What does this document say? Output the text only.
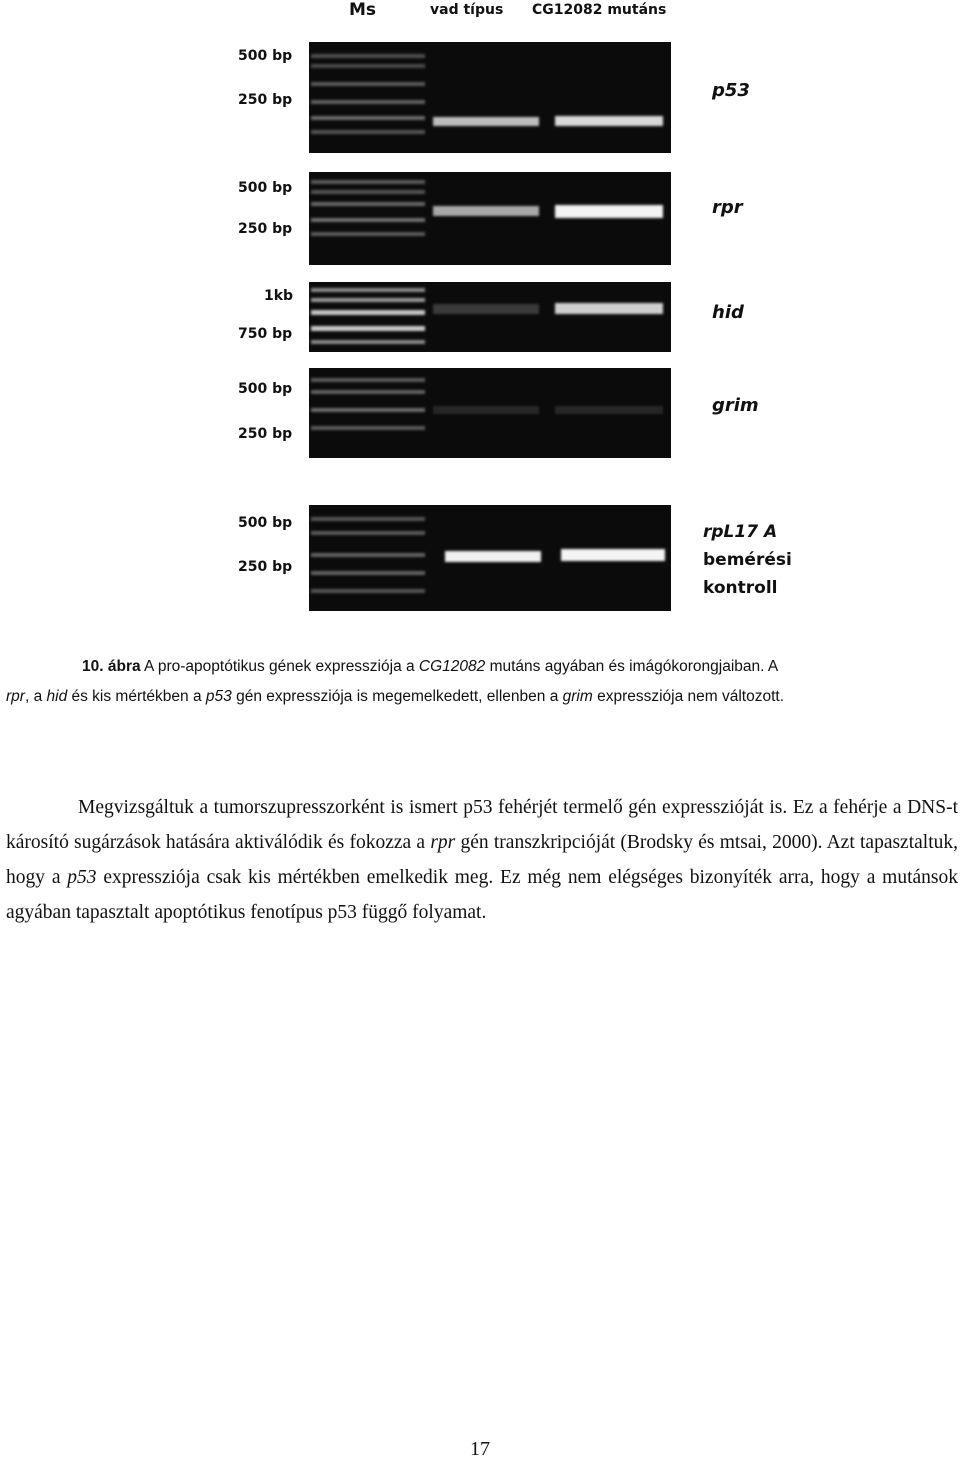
Ms	vad típus CG12082 mutáns
500 bp
250 bp	p53
500 bp
250 bp
rpr
1kb
750 bp
hid
500 bp
250 bp
grim
500 bp
250 bp
rpL17 A
bemérési
kontroll
10. ábra A pro-apoptótikus gének expressziója a CG12082 mutáns agyában és imágókorongjaiban. A
rpr, a hid és kis mértékben a p53 gén expressziója is megemelkedett, ellenben a grim expressziója nem változott.
Megvizsgáltuk a tumorszupresszorként is ismert p53 fehérjét termelő gén expresszióját is. Ez a fehérje a DNS-t károsító sugárzások hatására aktiválódik és fokozza a rpr gén transzkripcióját (Brodsky és mtsai, 2000). Azt tapasztaltuk, hogy a p53 expressziója csak kis mértékben emelkedik meg. Ez még nem elégséges bizonyíték arra, hogy a mutánsok agyában tapasztalt apoptótikus fenotípus p53 függő folyamat.
17
